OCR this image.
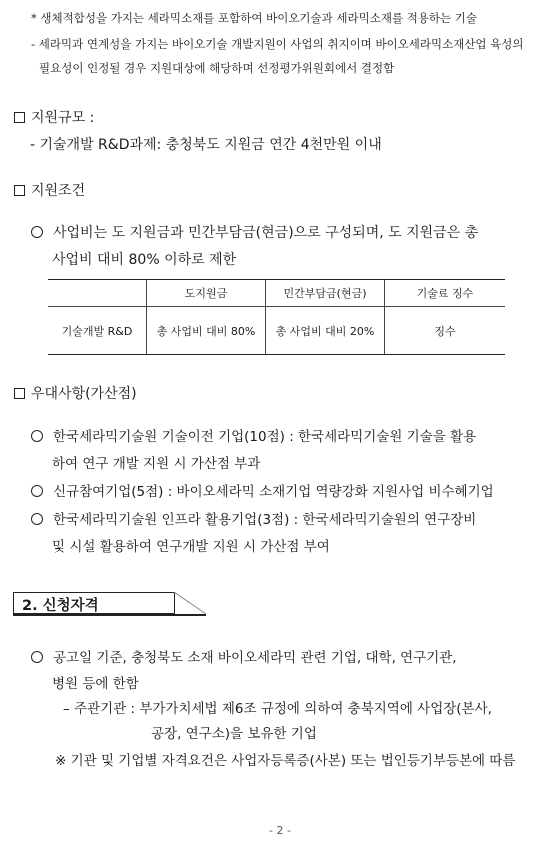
* 생체적합성을 가지는 세라믹소재를 포함하여 바이오기술과 세라믹소재를 적용하는 기술
- 세라믹과 연계성을 가지는 바이오기술 개발지원이 사업의 취지이며 바이오세라믹소재산업 육성의
필요성이 인정될 경우 지원대상에 해당하며 선정평가위원회에서 결정함
지원규모 :
- 기술개발 R&D과제: 충청북도 지원금 연간 4천만원 이내
지원조건
사업비는 도 지원금과 민간부담금(현금)으로 구성되며, 도 지원금은 총
사업비 대비 80% 이하로 제한
	도지원금	민간부담금(현금)	기술료 징수
기술개발 R&D	총 사업비 대비 80%	총 사업비 대비 20%	징수
우대사항(가산점)
한국세라믹기술원 기술이전 기업(10점) : 한국세라믹기술원 기술을 활용
하여 연구 개발 지원 시 가산점 부과
신규참여기업(5점) : 바이오세라믹 소재기업 역량강화 지원사업 비수혜기업
한국세라믹기술원 인프라 활용기업(3점) : 한국세라믹기술원의 연구장비
및 시설 활용하여 연구개발 지원 시 가산점 부여
2. 신청자격
공고일 기준, 충청북도 소재 바이오세라믹 관련 기업, 대학, 연구기관,
병원 등에 한함
– 주관기관 : 부가가치세법 제6조 규정에 의하여 충북지역에 사업장(본사,
공장, 연구소)을 보유한 기업
※ 기관 및 기업별 자격요건은 사업자등록증(사본) 또는 법인등기부등본에 따름
- 2 -
